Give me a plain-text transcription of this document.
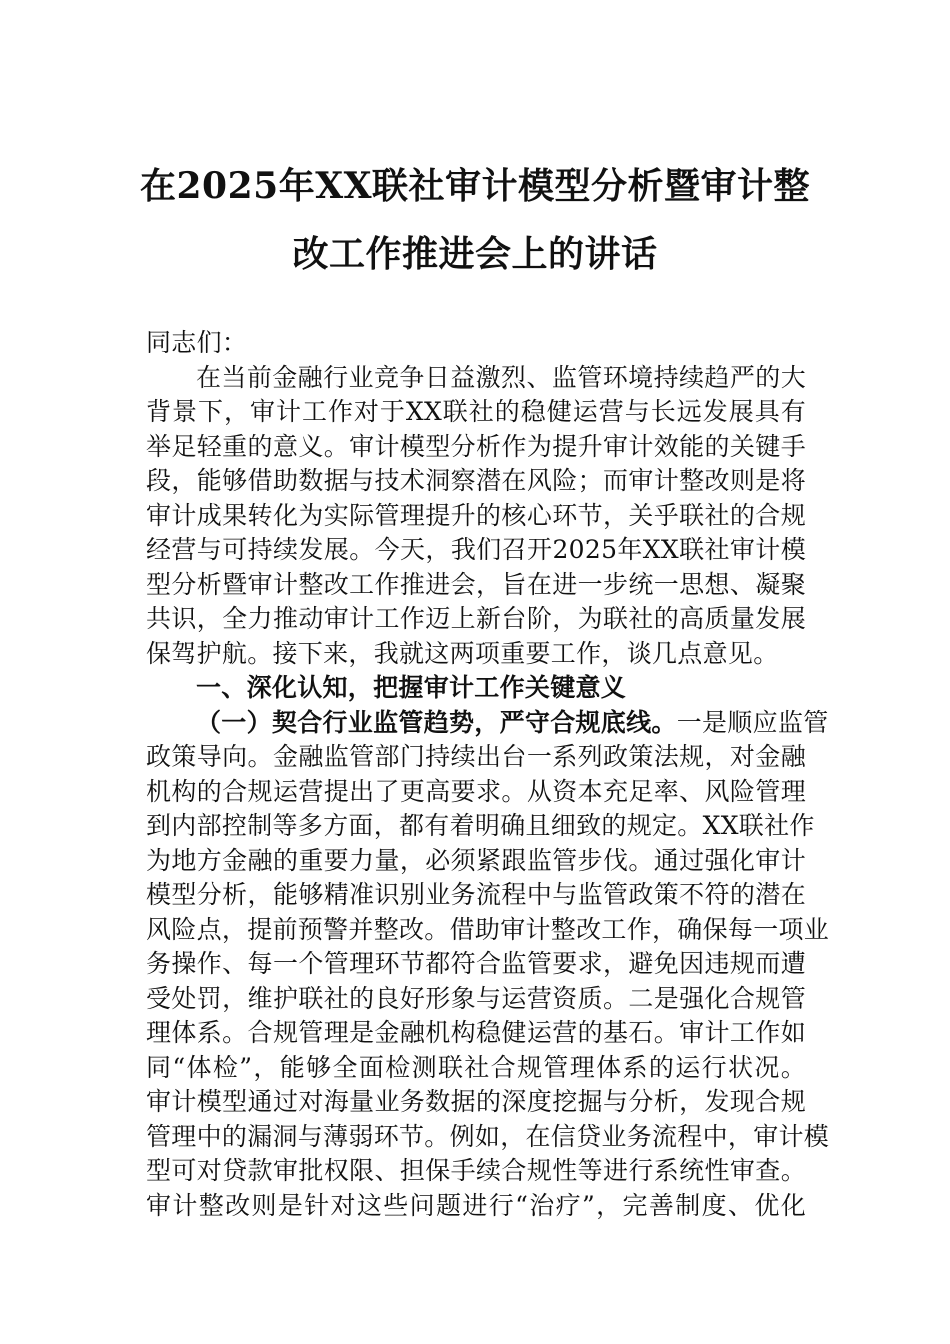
在2025年XX联社审计模型分析暨审计整
改工作推进会上的讲话
同志们：
在当前金融行业竞争日益激烈、监管环境持续趋严的大
背景下，审计工作对于XX联社的稳健运营与长远发展具有
举足轻重的意义。审计模型分析作为提升审计效能的关键手
段，能够借助数据与技术洞察潜在风险；而审计整改则是将
审计成果转化为实际管理提升的核心环节，关乎联社的合规
经营与可持续发展。今天，我们召开2025年XX联社审计模
型分析暨审计整改工作推进会，旨在进一步统一思想、凝聚
共识，全力推动审计工作迈上新台阶，为联社的高质量发展
保驾护航。接下来，我就这两项重要工作，谈几点意见。
一、深化认知，把握审计工作关键意义
（一）契合行业监管趋势，严守合规底线。一是顺应监管
政策导向。金融监管部门持续出台一系列政策法规，对金融
机构的合规运营提出了更高要求。从资本充足率、风险管理
到内部控制等多方面，都有着明确且细致的规定。XX联社作
为地方金融的重要力量，必须紧跟监管步伐。通过强化审计
模型分析，能够精准识别业务流程中与监管政策不符的潜在
风险点，提前预警并整改。借助审计整改工作，确保每一项业
务操作、每一个管理环节都符合监管要求，避免因违规而遭
受处罚，维护联社的良好形象与运营资质。二是强化合规管
理体系。合规管理是金融机构稳健运营的基石。审计工作如
同“体检”，能够全面检测联社合规管理体系的运行状况。
审计模型通过对海量业务数据的深度挖掘与分析，发现合规
管理中的漏洞与薄弱环节。例如，在信贷业务流程中，审计模
型可对贷款审批权限、担保手续合规性等进行系统性审查。
审计整改则是针对这些问题进行“治疗”，完善制度、优化
